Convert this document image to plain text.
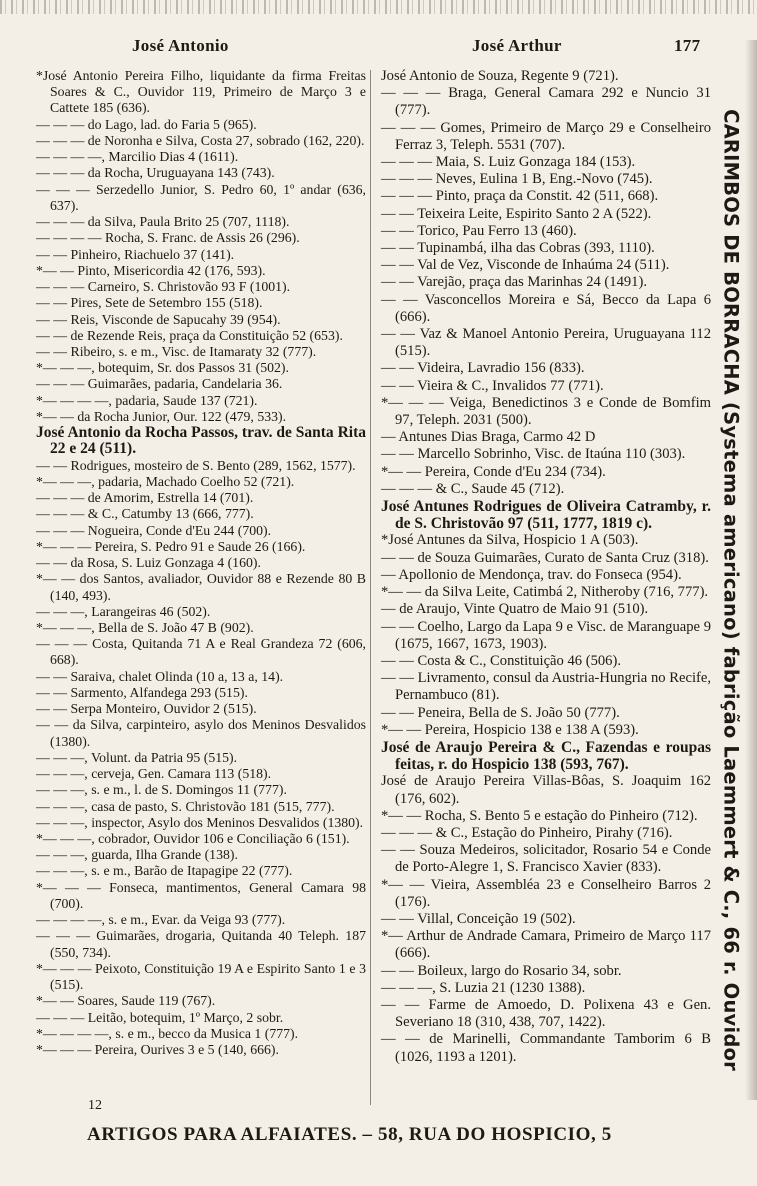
José Antonio	José Arthur	177

*José Antonio Pereira Filho, liquidante da firma Freitas Soares & C., Ouvidor 119, Primeiro de Março 3 e Cattete 185 (636).

— — — do Lago, lad. do Faria 5 (965).

— — — de Noronha e Silva, Costa 27, sobrado (162, 220).

— — — —, Marcilio Dias 4 (1611).

— — — da Rocha, Uruguayana 143 (743).

— — — Serzedello Junior, S. Pedro 60, 1º andar (636, 637).

— — — da Silva, Paula Brito 25 (707, 1118).

— — — — Rocha, S. Franc. de Assis 26 (296).

— — Pinheiro, Riachuelo 37 (141).

*— — Pinto, Misericordia 42 (176, 593).

— — — Carneiro, S. Christovão 93 F (1001).

— — Pires, Sete de Setembro 155 (518).

— — Reis, Visconde de Sapucahy 39 (954).

— — de Rezende Reis, praça da Constituição 52 (653).

— — Ribeiro, s. e m., Visc. de Itamaraty 32 (777).

*— — —, botequim, Sr. dos Passos 31 (502).

— — — Guimarães, padaria, Candelaria 36.

*— — — —, padaria, Saude 137 (721).

*— — da Rocha Junior, Our. 122 (479, 533).

José Antonio da Rocha Passos, trav. de Santa Rita 22 e 24 (511).

— — Rodrigues, mosteiro de S. Bento (289, 1562, 1577).

*— — —, padaria, Machado Coelho 52 (721).

— — — de Amorim, Estrella 14 (701).

— — — & C., Catumby 13 (666, 777).

— — — Nogueira, Conde d'Eu 244 (700).

*— — — Pereira, S. Pedro 91 e Saude 26 (166).

— — da Rosa, S. Luiz Gonzaga 4 (160).

*— — dos Santos, avaliador, Ouvidor 88 e Rezende 80 B (140, 493).

— — —, Larangeiras 46 (502).

*— — —, Bella de S. João 47 B (902).

— — — Costa, Quitanda 71 A e Real Grandeza 72 (606, 668).

— — Saraiva, chalet Olinda (10 a, 13 a, 14).

— — Sarmento, Alfandega 293 (515).

— — Serpa Monteiro, Ouvidor 2 (515).

— — da Silva, carpinteiro, asylo dos Meninos Desvalidos (1380).

— — —, Volunt. da Patria 95 (515).

— — —, cerveja, Gen. Camara 113 (518).

— — —, s. e m., l. de S. Domingos 11 (777).

— — —, casa de pasto, S. Christovão 181 (515, 777).

— — —, inspector, Asylo dos Meninos Desvalidos (1380).

*— — —, cobrador, Ouvidor 106 e Conciliação 6 (151).

— — —, guarda, Ilha Grande (138).

— — —, s. e m., Barão de Itapagipe 22 (777).

*— — — Fonseca, mantimentos, General Camara 98 (700).

— — — —, s. e m., Evar. da Veiga 93 (777).

— — — Guimarães, drogaria, Quitanda 40 Teleph. 187 (550, 734).

*— — — Peixoto, Constituição 19 A e Espirito Santo 1 e 3 (515).

*— — Soares, Saude 119 (767).

— — — Leitão, botequim, 1º Março, 2 sobr.

*— — — —, s. e m., becco da Musica 1 (777).

*— — — Pereira, Ourives 3 e 5 (140, 666).

José Antonio de Souza, Regente 9 (721).

— — — Braga, General Camara 292 e Nuncio 31 (777).

— — — Gomes, Primeiro de Março 29 e Conselheiro Ferraz 3, Teleph. 5531 (707).

— — — Maia, S. Luiz Gonzaga 184 (153).

— — — Neves, Eulina 1 B, Eng.-Novo (745).

— — — Pinto, praça da Constit. 42 (511, 668).

— — Teixeira Leite, Espirito Santo 2 A (522).

— — Torico, Pau Ferro 13 (460).

— — Tupinambá, ilha das Cobras (393, 1110).

— — Val de Vez, Visconde de Inhaúma 24 (511).

— — Varejão, praça das Marinhas 24 (1491).

— — Vasconcellos Moreira e Sá, Becco da Lapa 6 (666).

— — Vaz & Manoel Antonio Pereira, Uruguayana 112 (515).

— — Videira, Lavradio 156 (833).

— — Vieira & C., Invalidos 77 (771).

*— — — Veiga, Benedictinos 3 e Conde de Bomfim 97, Teleph. 2031 (500).

— Antunes Dias Braga, Carmo 42 D

— — Marcello Sobrinho, Visc. de Itaúna 110 (303).

*— — Pereira, Conde d'Eu 234 (734).

— — — & C., Saude 45 (712).

José Antunes Rodrigues de Oliveira Catramby, r. de S. Christovão 97 (511, 1777, 1819 c).

*José Antunes da Silva, Hospicio 1 A (503).

— — de Souza Guimarães, Curato de Santa Cruz (318).

— Apollonio de Mendonça, trav. do Fonseca (954).

*— — da Silva Leite, Catimbá 2, Nitheroby (716, 777).

— de Araujo, Vinte Quatro de Maio 91 (510).

— — Coelho, Largo da Lapa 9 e Visc. de Maranguape 9 (1675, 1667, 1673, 1903).

— — Costa & C., Constituição 46 (506).

— — Livramento, consul da Austria-Hungria no Recife, Pernambuco (81).

— — Peneira, Bella de S. João 50 (777).

*— — Pereira, Hospicio 138 e 138 A (593).

José de Araujo Pereira & C., Fazendas e roupas feitas, r. do Hospicio 138 (593, 767).

José de Araujo Pereira Villas-Bôas, S. Joaquim 162 (176, 602).

*— — Rocha, S. Bento 5 e estação do Pinheiro (712).

— — — & C., Estação do Pinheiro, Pirahy (716).

— — Souza Medeiros, solicitador, Rosario 54 e Conde de Porto-Alegre 1, S. Francisco Xavier (833).

*— — Vieira, Assembléa 23 e Conselheiro Barros 2 (176).

— — Villal, Conceição 19 (502).

*— Arthur de Andrade Camara, Primeiro de Março 117 (666).

— — Boileux, largo do Rosario 34, sobr.

— — —, S. Luzia 21 (1230 1388).

— — Farme de Amoedo, D. Polixena 43 e Gen. Severiano 18 (310, 438, 707, 1422).

— — de Marinelli, Commandante Tamborim 6 B (1026, 1193 a 1201).

12
ARTIGOS PARA ALFAIATES. – 58, RUA DO HOSPICIO, 5
CARIMBOS DE BORRACHA (Systema americano) fabrição Laemmert & C., 66 r. Ouvidor
